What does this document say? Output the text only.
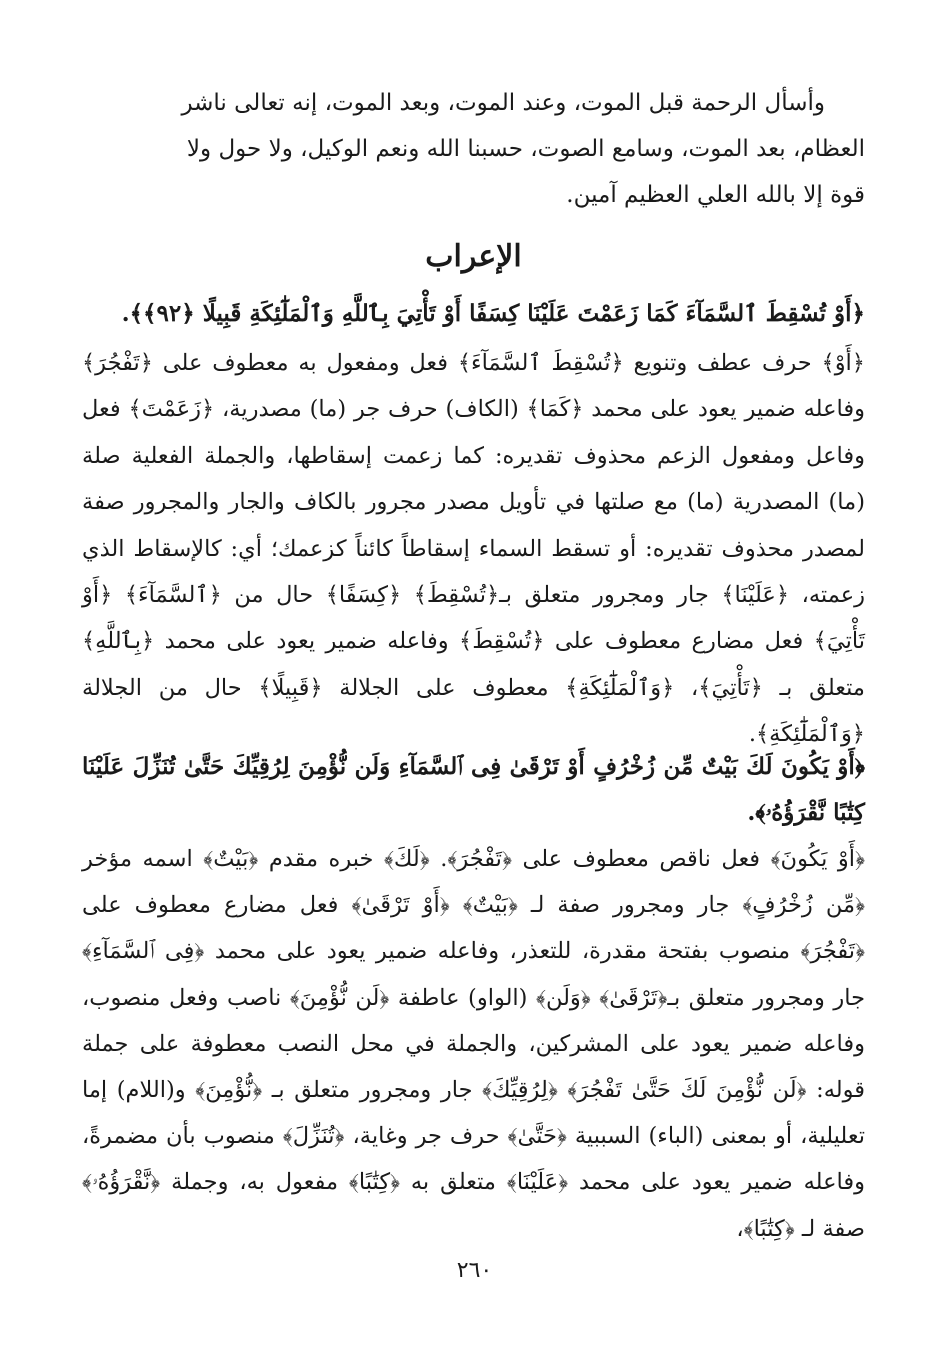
وأسأل الرحمة قبل الموت، وعند الموت، وبعد الموت، إنه تعالى ناشر

العظام، بعد الموت، وسامع الصوت، حسبنا الله ونعم الوكيل، ولا حول ولا

قوة إلا بالله العلي العظيم آمين.

الإعراب
﴿أَوْ تُسْقِطَ ٱلسَّمَآءَ كَمَا زَعَمْتَ عَلَيْنَا كِسَفًا أَوْ تَأْتِيَ بِٱللَّهِ وَٱلْمَلَٰٓئِكَةِ قَبِيلًا ﴿٩٢﴾﴾.

﴿أَوْ﴾ حرف عطف وتنويع ﴿تُسْقِطَ ٱلسَّمَآءَ﴾ فعل ومفعول به معطوف على ﴿تَفْجُرَ﴾ وفاعله ضمير يعود على محمد ﴿كَمَا﴾ (الكاف) حرف جر (ما) مصدرية، ﴿زَعَمْتَ﴾ فعل وفاعل ومفعول الزعم محذوف تقديره: كما زعمت إسقاطها، والجملة الفعلية صلة (ما) المصدرية (ما) مع صلتها في تأويل مصدر مجرور بالكاف والجار والمجرور صفة لمصدر محذوف تقديره: أو تسقط السماء إسقاطاً كائناً كزعمك؛ أي: كالإسقاط الذي زعمته، ﴿عَلَيْنَا﴾ جار ومجرور متعلق بـ﴿تُسْقِطَ﴾ ﴿كِسَفًا﴾ حال من ﴿ٱلسَّمَآءَ﴾ ﴿أَوْ تَأْتِيَ﴾ فعل مضارع معطوف على ﴿تُسْقِطَ﴾ وفاعله ضمير يعود على محمد ﴿بِٱللَّهِ﴾ متعلق بـ ﴿تَأْتِيَ﴾، ﴿وَٱلْمَلَٰٓئِكَةِ﴾ معطوف على الجلالة ﴿قَبِيلًا﴾ حال من الجلالة ﴿وَٱلْمَلَٰٓئِكَةِ﴾.

﴿أَوْ يَكُونَ لَكَ بَيْتٌ مِّن زُخْرُفٍ أَوْ تَرْقَىٰ فِى ٱلسَّمَآءِ وَلَن نُّؤْمِنَ لِرُقِيِّكَ حَتَّىٰ تُنَزِّلَ عَلَيْنَا كِتَٰبًا نَّقْرَؤُهُۥ﴾.

﴿أَوْ يَكُونَ﴾ فعل ناقص معطوف على ﴿تَفْجُرَ﴾. ﴿لَكَ﴾ خبره مقدم ﴿بَيْتٌ﴾ اسمه مؤخر ﴿مِّن زُخْرُفٍ﴾ جار ومجرور صفة لـ ﴿بَيْتٌ﴾ ﴿أَوْ تَرْقَىٰ﴾ فعل مضارع معطوف على ﴿تَفْجُرَ﴾ منصوب بفتحة مقدرة، للتعذر، وفاعله ضمير يعود على محمد ﴿فِى ٱلسَّمَآءِ﴾ جار ومجرور متعلق بـ﴿تَرْقَىٰ﴾ ﴿وَلَن﴾ (الواو) عاطفة ﴿لَن نُّؤْمِنَ﴾ ناصب وفعل منصوب، وفاعله ضمير يعود على المشركين، والجملة في محل النصب معطوفة على جملة قوله: ﴿لَن نُّؤْمِنَ لَكَ حَتَّىٰ تَفْجُرَ﴾ ﴿لِرُقِيِّكَ﴾ جار ومجرور متعلق بـ ﴿نُّؤْمِنَ﴾ و(اللام) إما تعليلية، أو بمعنى (الباء) السببية ﴿حَتَّىٰ﴾ حرف جر وغاية، ﴿تُنَزِّلَ﴾ منصوب بأن مضمرةً، وفاعله ضمير يعود على محمد ﴿عَلَيْنَا﴾ متعلق به ﴿كِتَٰبًا﴾ مفعول به، وجملة ﴿نَّقْرَؤُهُۥ﴾ صفة لـ ﴿كِتَٰبًا﴾،

٢٦٠
